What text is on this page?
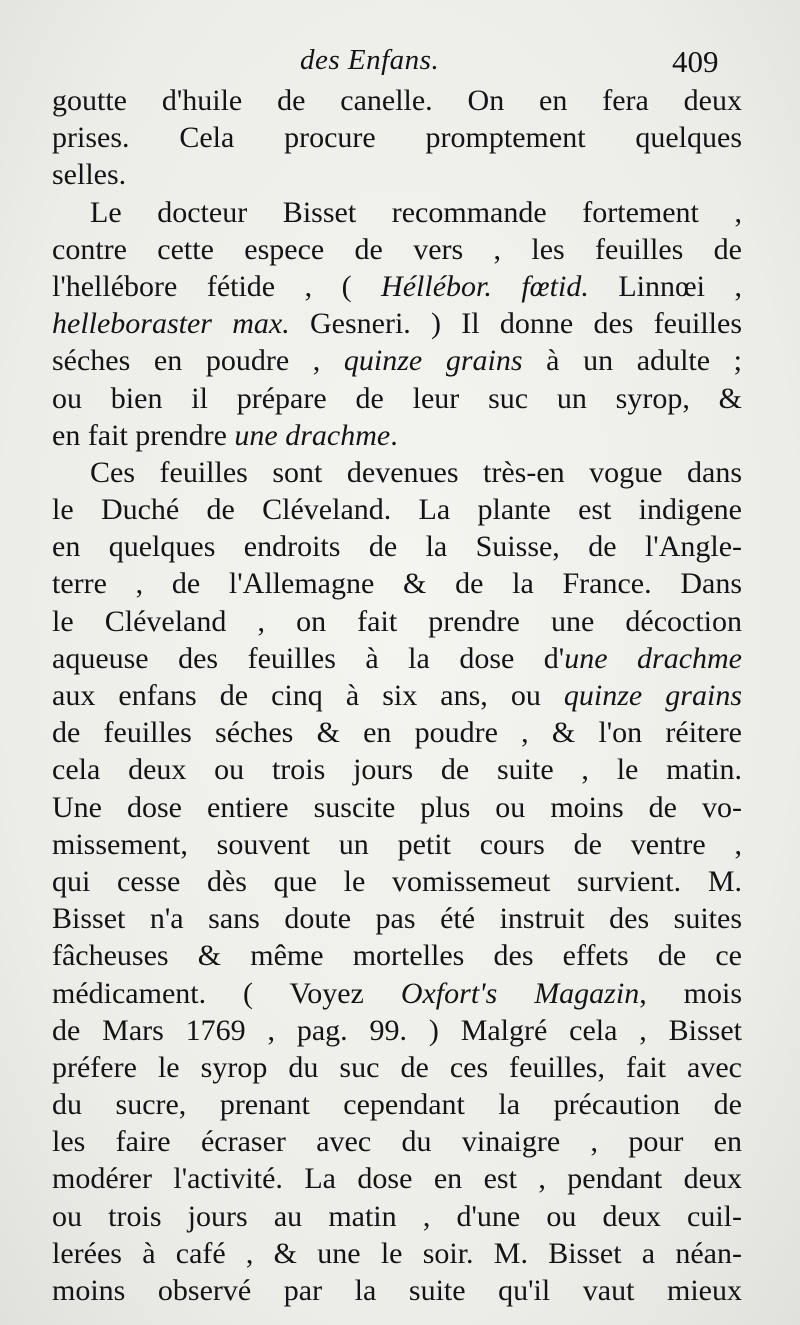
des Enfans.	409
goutte d'huile de canelle. On en fera deux
prises. Cela procure promptement quelques
selles.
Le docteur Bisset recommande fortement ,
contre cette espece de vers , les feuilles de
l'hellébore fétide , ( Héllébor. fœtid. Linnœi ,
helleboraster max. Gesneri. ) Il donne des feuilles
séches en poudre , quinze grains à un adulte ;
ou bien il prépare de leur suc un syrop, &
en fait prendre une drachme.
Ces feuilles sont devenues très-en vogue dans
le Duché de Cléveland. La plante est indigene
en quelques endroits de la Suisse, de l'Angle-
terre , de l'Allemagne & de la France. Dans
le Cléveland , on fait prendre une décoction
aqueuse des feuilles à la dose d'une drachme
aux enfans de cinq à six ans, ou quinze grains
de feuilles séches & en poudre , & l'on réitere
cela deux ou trois jours de suite , le matin.
Une dose entiere suscite plus ou moins de vo-
missement, souvent un petit cours de ventre ,
qui cesse dès que le vomissemeut survient. M.
Bisset n'a sans doute pas été instruit des suites
fâcheuses & même mortelles des effets de ce
médicament. ( Voyez Oxfort's Magazin, mois
de Mars 1769 , pag. 99. ) Malgré cela , Bisset
préfere le syrop du suc de ces feuilles, fait avec
du sucre, prenant cependant la précaution de
les faire écraser avec du vinaigre , pour en
modérer l'activité. La dose en est , pendant deux
ou trois jours au matin , d'une ou deux cuil-
lerées à café , & une le soir. M. Bisset a néan-
moins observé par la suite qu'il vaut mieux
